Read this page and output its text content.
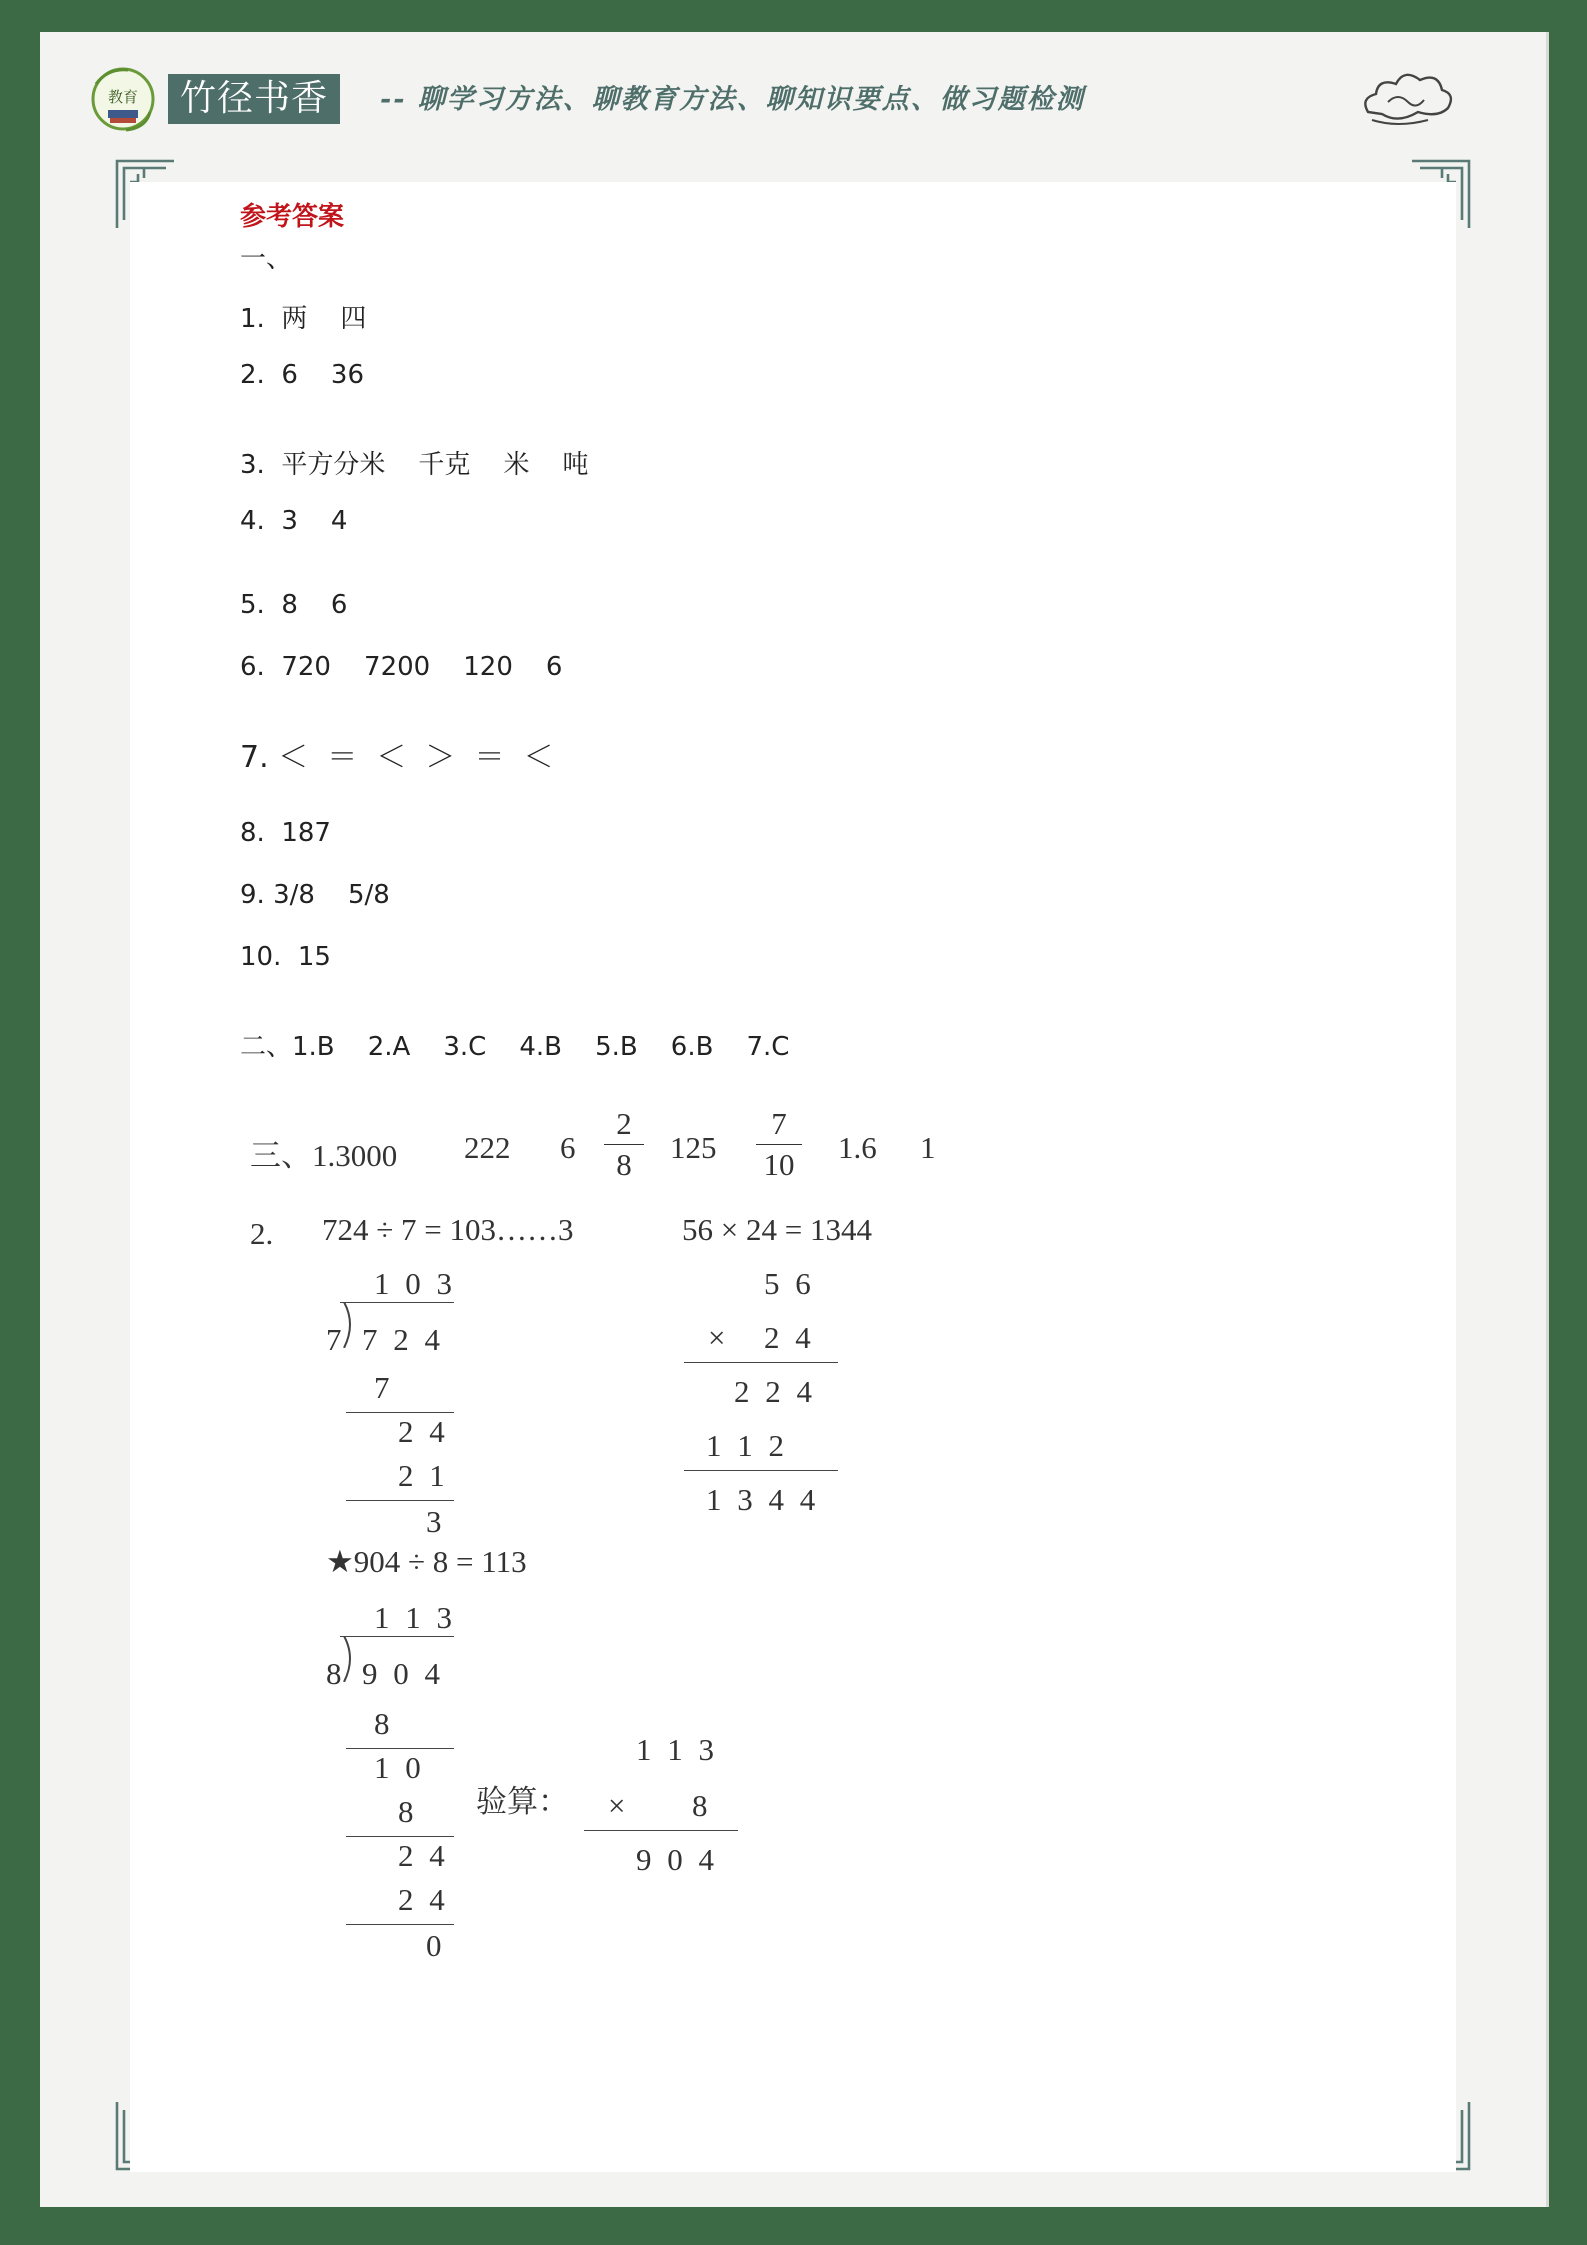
教育	竹径书香	-- 聊学习方法、聊教育方法、聊知识要点、做习题检测
参考答案
一、
1.  两    四
2.  6    36
3.  平方分米    千克    米    吨
4.  3    4
5.  8    6
6.  720    7200    120    6
7. ＜  ＝  ＜  ＞  ＝  ＜
8.  187
9. 3/8    5/8
10.  15
二、1.B    2.A    3.C    4.B    5.B    6.B    7.C
三、1.3000 222 6
2
8	125
7
10 1.6 1
2. 724 ÷ 7 = 103……3	56 × 24 = 1344
1 0 3
7 7 2 4
7
2 4
2 1
3
5 6
× 2 4
2 2 4
1 1 2
1 3 4 4
★904 ÷ 8 = 113
1 1 3
8 9 0 4
8
1 0
8
2 4
2 4
0
验算：
1 1 3
× 8
9 0 4
